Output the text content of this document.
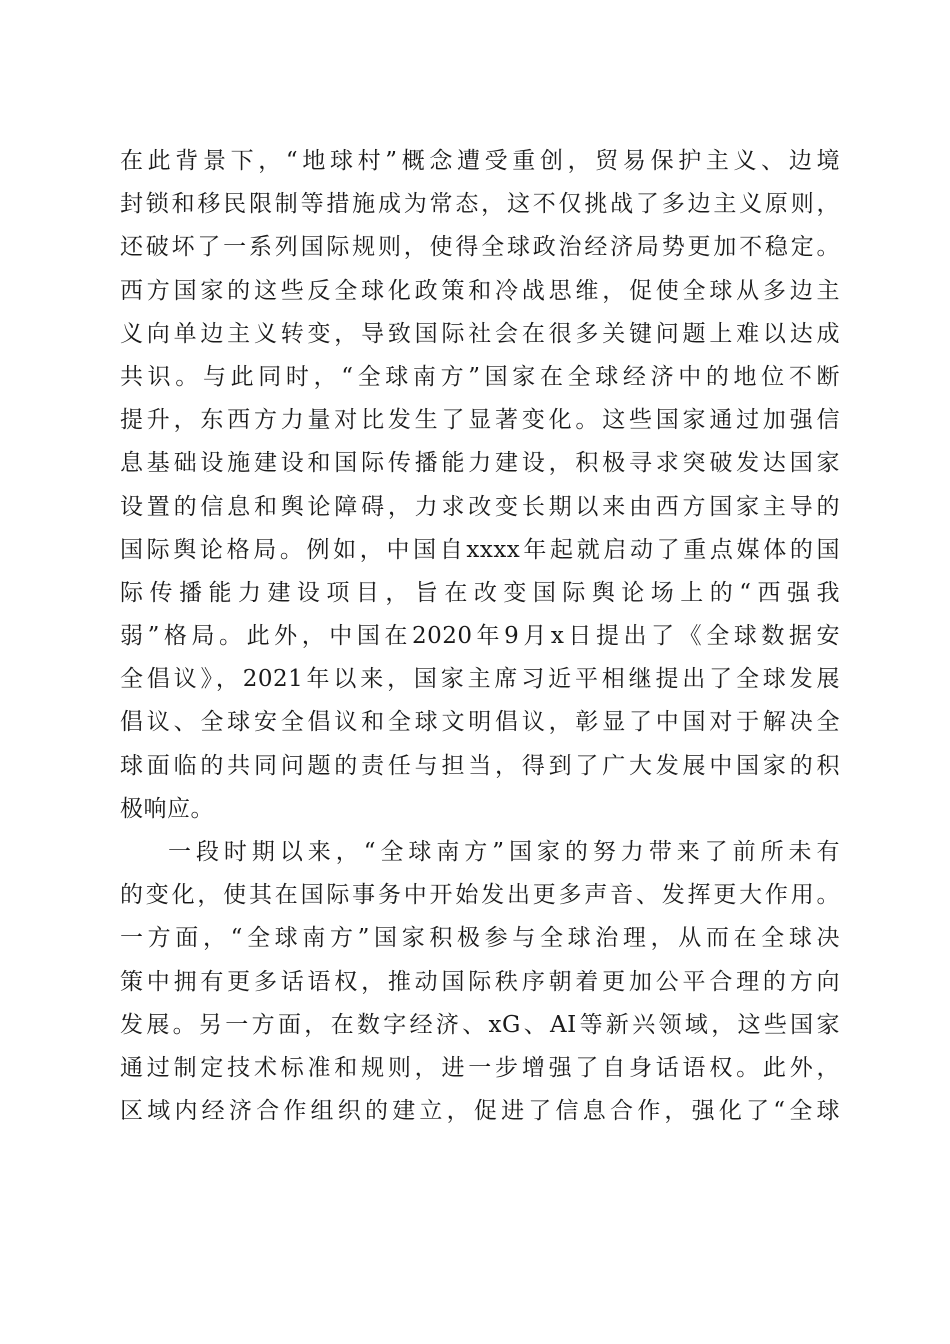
在此背景下，“地球村”概念遭受重创，贸易保护主义、边境
封锁和移民限制等措施成为常态，这不仅挑战了多边主义原则，
还破坏了一系列国际规则，使得全球政治经济局势更加不稳定。
西方国家的这些反全球化政策和冷战思维，促使全球从多边主
义向单边主义转变，导致国际社会在很多关键问题上难以达成
共识。与此同时，“全球南方”国家在全球经济中的地位不断
提升，东西方力量对比发生了显著变化。这些国家通过加强信
息基础设施建设和国际传播能力建设，积极寻求突破发达国家
设置的信息和舆论障碍，力求改变长期以来由西方国家主导的
国际舆论格局。例如，中国自xxxx年起就启动了重点媒体的国
际传播能力建设项目，旨在改变国际舆论场上的“西强我
弱”格局。此外，中国在2020年9月x日提出了《全球数据安
全倡议》，2021年以来，国家主席习近平相继提出了全球发展
倡议、全球安全倡议和全球文明倡议，彰显了中国对于解决全
球面临的共同问题的责任与担当，得到了广大发展中国家的积
极响应。
一段时期以来，“全球南方”国家的努力带来了前所未有
的变化，使其在国际事务中开始发出更多声音、发挥更大作用。
一方面，“全球南方”国家积极参与全球治理，从而在全球决
策中拥有更多话语权，推动国际秩序朝着更加公平合理的方向
发展。另一方面，在数字经济、xG、AI等新兴领域，这些国家
通过制定技术标准和规则，进一步增强了自身话语权。此外，
区域内经济合作组织的建立，促进了信息合作，强化了“全球
